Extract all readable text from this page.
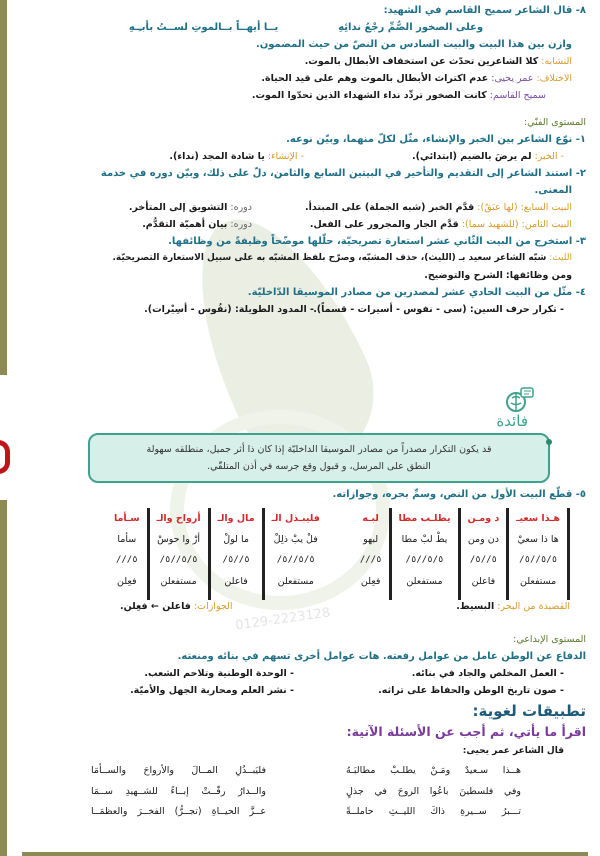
0129-2223128
٨- قال الشاعر سميح القاسم في الشهيد:
وعلى الصخور الصُّمِّ رجْعُ ندائِهِ
يــا أيهــاً بــالموتِ لســتُ بأبـِـهِ
وازن بين هذا البيت والبيت السادس من النصّ من حيث المضمون.
التشابه: كلا الشاعرين تحدّث عن استخفاف الأبطال بالموت.
الاختلاف: عمر يحيى: عدم اكتراث الأبطال بالموت وهم على قيد الحياة.
سميح القاسم: كانت الصخور تردِّد نداء الشهداء الذين تحدّوا الموت.
المستوى الفنّي:
١- نوّع الشاعر بين الخبر والإنشاء، مثّل لكلّ منهما، وبيّن نوعه.
- الخبر: لم يرضَ بالضيم (ابتدائي).
- الإنشاء: يا شادة المجد (نداء).
٢- استند الشاعر إلى التقديم والتأخير في البيتين السابع والثامن، دلّ على ذلك، وبيّن دوره في خدمة
المعنى.
البيت السابع: (لها عبَقٌ): قدَّم الخبر (شبه الجملة) على المبتدأ.
دوره: التشويق إلى المتأخر.
البيت الثامن: (للشهيد سما): قدَّم الجار والمجرور على الفعل.
دوره: بيان أهميّة التقدُّم.
٣- استخرج من البيت الثّاني عشر استعارة تصريحيّة، حلّلها موضّحاً وظيفةً من وظائفها.
الليث: شبّه الشاعر سعيد بـ (الليث)، حذف المشبّه، وصرّح بلفظ المشبّه به على سبيل الاستعارة التصريحيّة.
ومن وظائفها: الشرح والتوضيح.
٤- مثّل من البيت الحادي عشر لمصدرين من مصادر الموسيقا الدّاخليّة.
- تكرار حرف السين: (سى - نفوس - أسيرات - قسماً).
- المدود الطويلة: (نفُوس - أسِيْرات).
فائدة
قد يكون التكرار مصدراً من مصادر الموسيقا الداخليّة إذا كان ذا أثر جميل، منطلقه سهولة
النطق على المرسل، و قبول وقع جرسه في أذن المتلقّي.
٥- قطّع البيت الأول من النص، وسمِّ بحره، وجوازاته.
هـذا سعيـ
ها ذا سعيْ
/٥/٥//٥
مستفعلن
د ومـن
دن ومن
/٥//٥
فاعلن
يطلـب مطا
يطْ لبْ مطا
/٥/٥//٥
مستفعلن
لبـه
لبهو
///٥
فعِلن
فليبـذل الـ
فلْ يبْ ذلِلْ
/٥/٥//٥
مستفعلن
مال والـ
ما لولْ
/٥//٥
فاعلن
أرواح والـ
أرْ وا حوسْ
/٥/٥//٥
مستفعلن
سـأما
سأما
///٥
فعِلن
القصيدة من البحر: البسيط.
الجوازات: فاعلن ← فعِلن.
المستوى الإبداعي:
الدفاع عن الوطن عامل من عوامل رفعته. هات عوامل أخرى تسهم في بنائه ومنعته.
- العمل المخلص والجاد في بنائه.
- الوحدة الوطنية وتلاحم الشعب.
- صون تاريخ الوطن والحفاظ على تراثه.
- نشر العلم ومحاربة الجهل والأميّة.
تطبيقات لغوية:
اقرأ ما يأتي، ثم أجب عن الأسئلة الآتية:
قال الشاعر عمر يحيى:
هــذا سـعيدٌ ومَـنْ يطلـبْ مطالبَـهُ
فليَبــذُلِ المــالَ والأرواحَ والســأمَا
وفي فلسطينَ باعُوا الروحَ في جذلٍ
والــدارُ رفّــتْ إبــاءً للشــهيدِ ســمَا
تـــبرُ ســيرةِ ذاكَ الليــثِ حاملــةً
عــزَّ الحيــاةِ (تجــرُّ) الفخــرَ والعظمَــا
